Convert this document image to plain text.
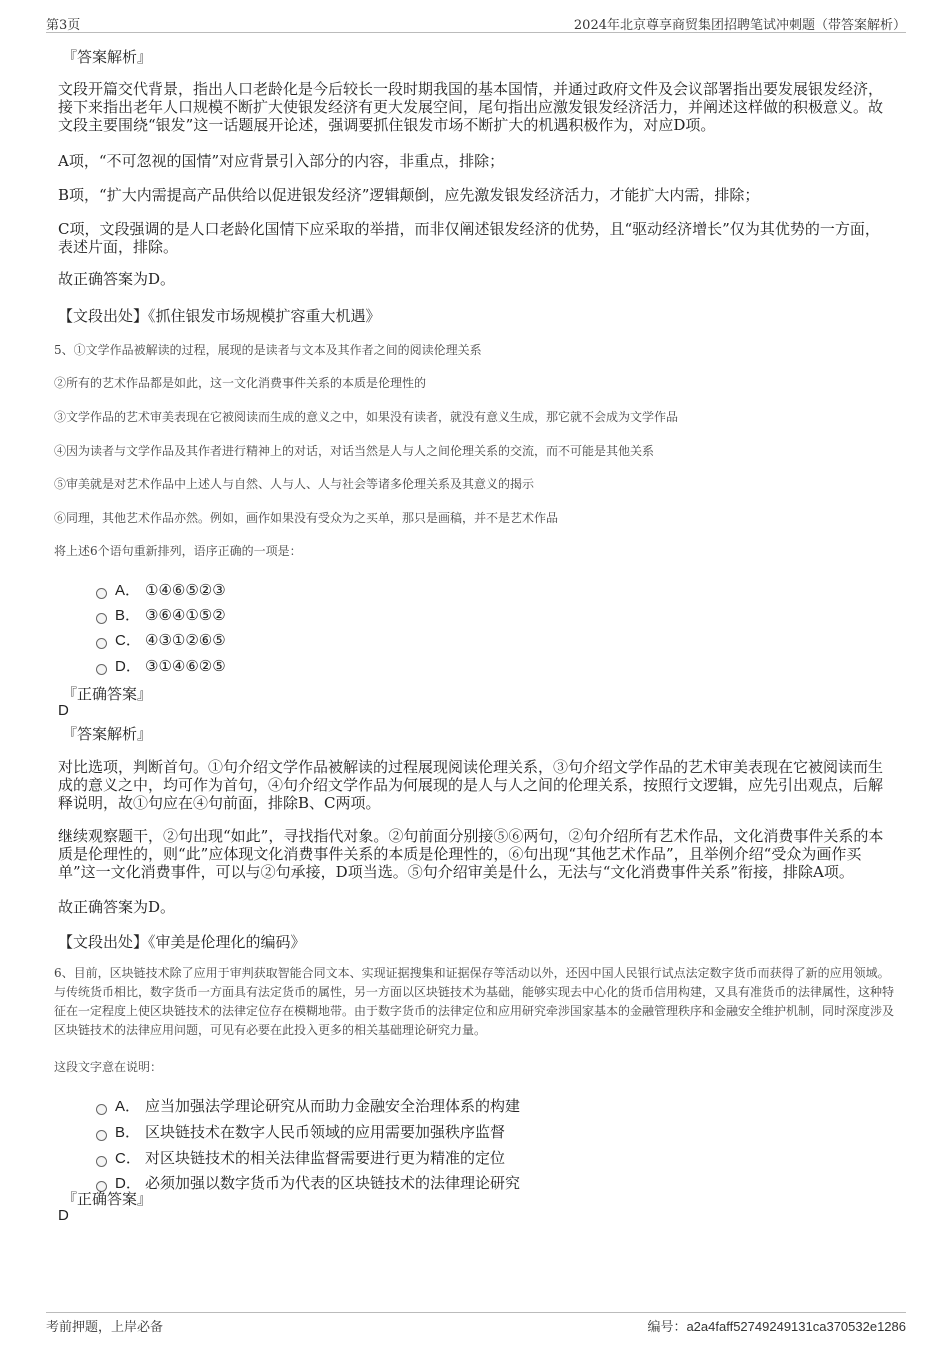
第3页	2024年北京尊享商贸集团招聘笔试冲刺题（带答案解析）
『答案解析』
文段开篇交代背景，指出人口老龄化是今后较长一段时期我国的基本国情，并通过政府文件及会议部署指出要发展银发经济，接下来指出老年人口规模不断扩大使银发经济有更大发展空间，尾句指出应激发银发经济活力，并阐述这样做的积极意义。故文段主要围绕“银发”这一话题展开论述，强调要抓住银发市场不断扩大的机遇积极作为，对应D项。
A项，“不可忽视的国情”对应背景引入部分的内容，非重点，排除；
B项，“扩大内需提高产品供给以促进银发经济”逻辑颠倒，应先激发银发经济活力，才能扩大内需，排除；
C项，文段强调的是人口老龄化国情下应采取的举措，而非仅阐述银发经济的优势，且“驱动经济增长”仅为其优势的一方面，表述片面，排除。
故正确答案为D。
【文段出处】《抓住银发市场规模扩容重大机遇》
5、①文学作品被解读的过程，展现的是读者与文本及其作者之间的阅读伦理关系
②所有的艺术作品都是如此，这一文化消费事件关系的本质是伦理性的
③文学作品的艺术审美表现在它被阅读而生成的意义之中，如果没有读者，就没有意义生成，那它就不会成为文学作品
④因为读者与文学作品及其作者进行精神上的对话，对话当然是人与人之间伦理关系的交流，而不可能是其他关系
⑤审美就是对艺术作品中上述人与自然、人与人、人与社会等诸多伦理关系及其意义的揭示
⑥同理，其他艺术作品亦然。例如，画作如果没有受众为之买单，那只是画稿，并不是艺术作品
将上述6个语句重新排列，语序正确的一项是：
A． ①④⑥⑤②③
B． ③⑥④①⑤②
C． ④③①②⑥⑤
D． ③①④⑥②⑤
『正确答案』
D
『答案解析』
对比选项，判断首句。①句介绍文学作品被解读的过程展现阅读伦理关系，③句介绍文学作品的艺术审美表现在它被阅读而生成的意义之中，均可作为首句，④句介绍文学作品为何展现的是人与人之间的伦理关系，按照行文逻辑，应先引出观点，后解释说明，故①句应在④句前面，排除B、C两项。
继续观察题干，②句出现“如此”，寻找指代对象。②句前面分别接⑤⑥两句，②句介绍所有艺术作品，文化消费事件关系的本质是伦理性的，则“此”应体现文化消费事件关系的本质是伦理性的，⑥句出现“其他艺术作品”，且举例介绍“受众为画作买单”这一文化消费事件，可以与②句承接，D项当选。⑤句介绍审美是什么，无法与“文化消费事件关系”衔接，排除A项。
故正确答案为D。
【文段出处】《审美是伦理化的编码》
6、目前，区块链技术除了应用于审判获取智能合同文本、实现证据搜集和证据保存等活动以外，还因中国人民银行试点法定数字货币而获得了新的应用领域。与传统货币相比，数字货币一方面具有法定货币的属性，另一方面以区块链技术为基础，能够实现去中心化的货币信用构建，又具有准货币的法律属性，这种特征在一定程度上使区块链技术的法律定位存在模糊地带。由于数字货币的法律定位和应用研究牵涉国家基本的金融管理秩序和金融安全维护机制，同时深度涉及区块链技术的法律应用问题，可见有必要在此投入更多的相关基础理论研究力量。
这段文字意在说明：
A． 应当加强法学理论研究从而助力金融安全治理体系的构建
B． 区块链技术在数字人民币领域的应用需要加强秩序监督
C． 对区块链技术的相关法律监督需要进行更为精准的定位
D． 必须加强以数字货币为代表的区块链技术的法律理论研究
『正确答案』
D
考前押题，上岸必备	编号：a2a4faff52749249131ca370532e1286
